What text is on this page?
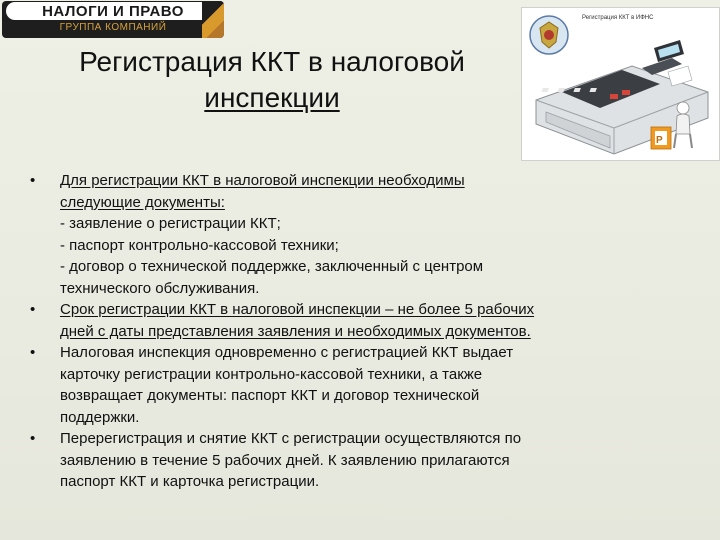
НАЛОГИ И ПРАВО
ГРУППА КОМПАНИЙ
Регистрация ККТ в налоговой
инспекции
Регистрация ККТ в ИФНС
Р
• Для регистрации ККТ в налоговой инспекции необходимы
следующие документы:
- заявление о регистрации ККТ;
- паспорт контрольно-кассовой техники;
- договор о технической поддержке, заключенный с центром
технического обслуживания.
• Срок регистрации ККТ в налоговой инспекции – не более 5 рабочих
дней с даты представления заявления и необходимых документов.
• Налоговая инспекция одновременно с регистрацией ККТ выдает
карточку регистрации контрольно-кассовой техники, а также
возвращает документы: паспорт ККТ и договор технической
поддержки.
• Перерегистрация и снятие ККТ с регистрации осуществляются по
заявлению в течение 5 рабочих дней. К заявлению прилагаются
паспорт ККТ и карточка регистрации.
